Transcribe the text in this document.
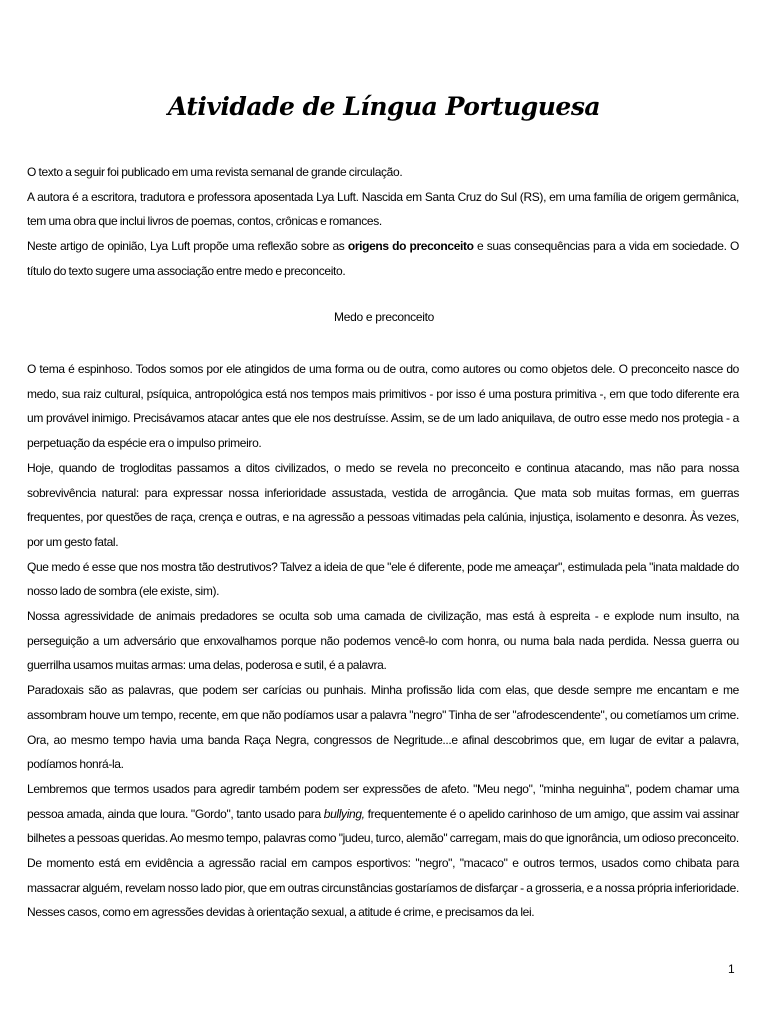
Atividade de Língua Portuguesa

O texto a seguir foi publicado em uma revista semanal de grande circulação.

A autora é a escritora, tradutora e professora aposentada Lya Luft. Nascida em Santa Cruz do Sul (RS), em uma família de origem germânica, tem uma obra que inclui livros de poemas, contos, crônicas e romances.

Neste artigo de opinião, Lya Luft propõe uma reflexão sobre as origens do preconceito e suas consequências para a vida em sociedade. O título do texto sugere uma associação entre medo e preconceito.

Medo e preconceito

O tema é espinhoso. Todos somos por ele atingidos de uma forma ou de outra, como autores ou como objetos dele. O preconceito nasce do medo, sua raiz cultural, psíquica, antropológica está nos tempos mais primitivos - por isso é uma postura primitiva -, em que todo diferente era um provável inimigo. Precisávamos atacar antes que ele nos destruísse. Assim, se de um lado aniquilava, de outro esse medo nos protegia - a perpetuação da espécie era o impulso primeiro.

Hoje, quando de trogloditas passamos a ditos civilizados, o medo se revela no preconceito e continua atacando, mas não para nossa sobrevivência natural: para expressar nossa inferioridade assustada, vestida de arrogância. Que mata sob muitas formas, em guerras frequentes, por questões de raça, crença e outras, e na agressão a pessoas vitimadas pela calúnia, injustiça, isolamento e desonra. Às vezes, por um gesto fatal.

Que medo é esse que nos mostra tão destrutivos? Talvez a ideia de que "ele é diferente, pode me ameaçar", estimulada pela "inata maldade do nosso lado de sombra (ele existe, sim).

Nossa agressividade de animais predadores se oculta sob uma camada de civilização, mas está à espreita - e explode num insulto, na perseguição a um adversário que enxovalhamos porque não podemos vencê-lo com honra, ou numa bala nada perdida. Nessa guerra ou guerrilha usamos muitas armas: uma delas, poderosa e sutil, é a palavra.

Paradoxais são as palavras, que podem ser carícias ou punhais. Minha profissão lida com elas, que desde sempre me encantam e me assombram houve um tempo, recente, em que não podíamos usar a palavra "negro" Tinha de ser "afrodescendente", ou cometíamos um crime. Ora, ao mesmo tempo havia uma banda Raça Negra, congressos de Negritude...e afinal descobrimos que, em lugar de evitar a palavra, podíamos honrá-la.

Lembremos que termos usados para agredir também podem ser expressões de afeto. "Meu nego", "minha neguinha", podem chamar uma pessoa amada, ainda que loura. "Gordo", tanto usado para bullying, frequentemente é o apelido carinhoso de um amigo, que assim vai assinar bilhetes a pessoas queridas. Ao mesmo tempo, palavras como "judeu, turco, alemão" carregam, mais do que ignorância, um odioso preconceito.

De momento está em evidência a agressão racial em campos esportivos: "negro", "macaco" e outros termos, usados como chibata para massacrar alguém, revelam nosso lado pior, que em outras circunstâncias gostaríamos de disfarçar - a grosseria, e a nossa própria inferioridade. Nesses casos, como em agressões devidas à orientação sexual, a atitude é crime, e precisamos da lei.

1
